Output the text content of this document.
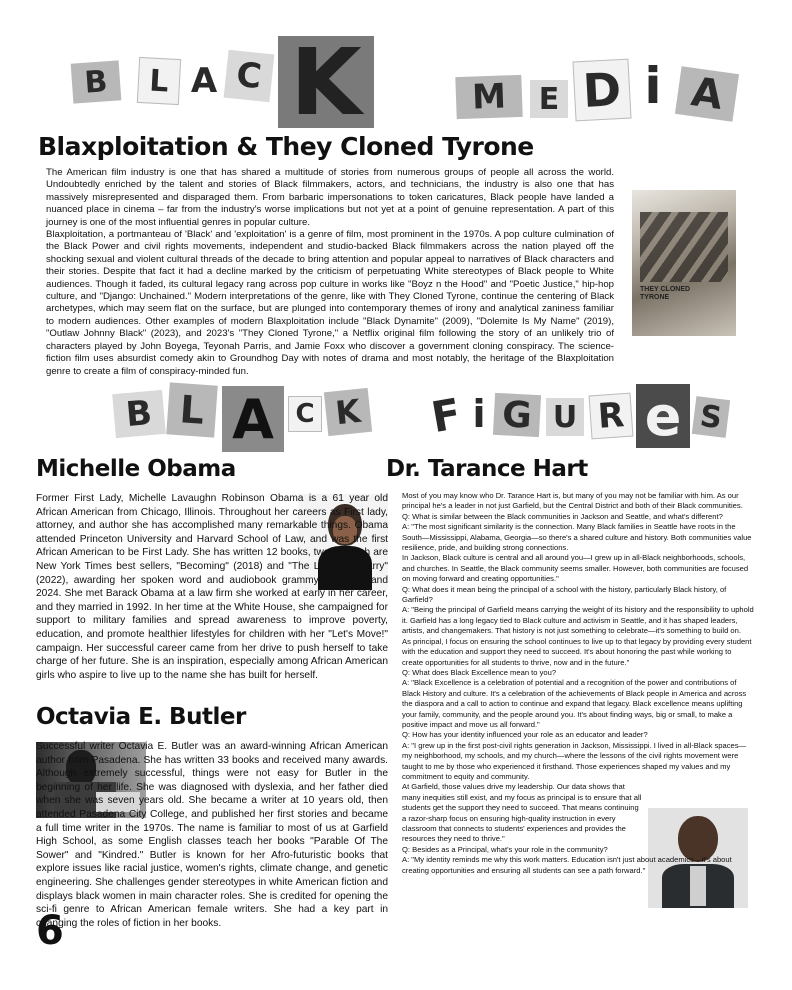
B	L A C K	M	E D i A
Blaxploitation & They Cloned Tyrone

The American film industry is one that has shared a multitude of stories from numerous groups of people all across the world. Undoubtedly enriched by the talent and stories of Black filmmakers, actors, and technicians, the industry is also one that has massively misrepresented and disparaged them. From barbaric impersonations to token caricatures, Black people have landed a nuanced place in cinema – far from the industry's worse implications but not yet at a point of genuine representation. A part of this journey is one of the most influential genres in popular culture.

Blaxploitation, a portmanteau of 'Black' and 'exploitation' is a genre of film, most prominent in the 1970s. A pop culture culmination of the Black Power and civil rights movements, independent and studio-backed Black filmmakers across the nation played off the shocking sexual and violent cultural threads of the decade to bring attention and popular appeal to narratives of Black characters and their stories. Despite that fact it had a decline marked by the criticism of perpetuating White stereotypes of Black people to White audiences. Though it faded, its cultural legacy rang across pop culture in works like "Boyz n the Hood" and "Poetic Justice," hip-hop culture, and "Django: Unchained." Modern interpretations of the genre, like with They Cloned Tyrone, continue the centering of Black archetypes, which may seem flat on the surface, but are plunged into contemporary themes of irony and analytical zaniness familiar to modern audiences. Other examples of modern Blaxploitation include "Black Dynamite" (2009), "Dolemite Is My Name" (2019), "Outlaw Johnny Black" (2023), and 2023's "They Cloned Tyrone," a Netflix original film following the story of an unlikely trio of characters played by John Boyega, Teyonah Parris, and Jamie Foxx who discover a government cloning conspiracy. The science-fiction film uses absurdist comedy akin to Groundhog Day with notes of drama and most notably, the heritage of the Blaxploitation genre to create a film of conspiracy-minded fun.

THEY CLONED TYRONE
B L A C K F i G U R e S
Michelle Obama
Former First Lady, Michelle Lavaughn Robinson Obama is a 61 year old African American from Chicago, Illinois. Throughout her careers as First lady, attorney, and author she has accomplished many remarkable things. Obama attended Princeton University and Harvard School of Law, and was the first African American to be First Lady. She has written 12 books, two of which are New York Times best sellers, "Becoming" (2018) and "The Light We Carry" (2022), awarding her spoken word and audiobook grammys in 2020 and 2024. She met Barack Obama at a law firm she worked at early in her career, and they married in 1992. In her time at the White House, she campaigned for support to military families and spread awareness to improve poverty, education, and promote healthier lifestyles for children with her "Let's Move!" campaign. Her successful career came from her drive to push herself to take charge of her future. She is an inspiration, especially among African American girls who aspire to live up to the name she has built for herself.
Octavia E. Butler
Successful writer Octavia E. Butler was an award-winning African American author from Pasadena. She has written 33 books and received many awards. Although extremely successful, things were not easy for Butler in the beginning of her life. She was diagnosed with dyslexia, and her father died when she was seven years old. She became a writer at 10 years old, then attended Pasadena City College, and published her first stories and became a full time writer in the 1970s. The name is familiar to most of us at Garfield High School, as some English classes teach her books "Parable Of The Sower" and "Kindred." Butler is known for her Afro-futuristic books that explore issues like racial justice, women's rights, climate change, and genetic engineering. She challenges gender stereotypes in white American fiction and displays black women in main character roles. She is credited for opening the sci-fi genre to African American female writers. She had a key part in changing the roles of fiction in her books.
6
Dr. Tarance Hart

Most of you may know who Dr. Tarance Hart is, but many of you may not be familiar with him. As our principal he's a leader in not just Garfield, but the Central District and both of their Black communities.

Q: What is similar between the Black communities in Jackson and Seattle, and what's different?

A: "The most significant similarity is the connection. Many Black families in Seattle have roots in the South—Mississippi, Alabama, Georgia—so there's a shared culture and history. Both communities value resilience, pride, and building strong connections.

In Jackson, Black culture is central and all around you—I grew up in all-Black neighborhoods, schools, and churches. In Seattle, the Black community seems smaller. However, both communities are focused on moving forward and creating opportunities."

Q: What does it mean being the principal of a school with the history, particularly Black history, of Garfield?

A: "Being the principal of Garfield means carrying the weight of its history and the responsibility to uphold it. Garfield has a long legacy tied to Black culture and activism in Seattle, and it has shaped leaders, artists, and changemakers. That history is not just something to celebrate—it's something to build on.

As principal, I focus on ensuring the school continues to live up to that legacy by providing every student with the education and support they need to succeed. It's about honoring the past while working to create opportunities for all students to thrive, now and in the future."

Q: What does Black Excellence mean to you?

A: "Black Excellence is a celebration of potential and a recognition of the power and contributions of Black History and culture. It's a celebration of the achievements of Black people in America and across the diaspora and a call to action to continue and expand that legacy. Black excellence means uplifting your family, community, and the people around you. It's about finding ways, big or small, to make a positive impact and move us all forward."

Q: How has your identity influenced your role as an educator and leader?

A: "I grew up in the first post-civil rights generation in Jackson, Mississippi. I lived in all-Black spaces—my neighborhood, my schools, and my church—where the lessons of the civil rights movement were taught to me by those who experienced it firsthand. Those experiences shaped my values and my commitment to equity and community.

At Garfield, those values drive my leadership. Our data shows that many inequities still exist, and my focus as principal is to ensure that all students get the support they need to succeed. That means continuing a razor-sharp focus on ensuring high-quality instruction in every classroom that connects to students' experiences and provides the resources they need to thrive."

Q: Besides as a Principal, what's your role in the community?

A: "My identity reminds me why this work matters. Education isn't just about academics—it's about creating opportunities and ensuring all students can see a path forward."
